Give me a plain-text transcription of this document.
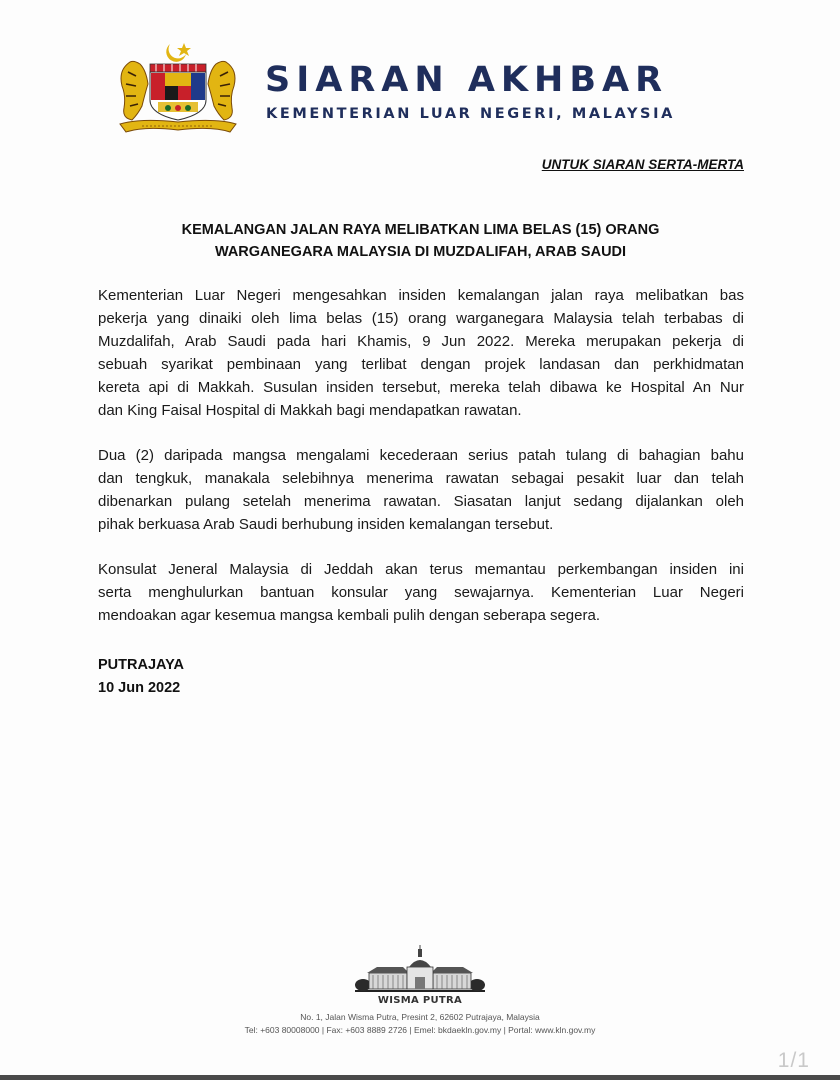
SIARAN AKHBAR
KEMENTERIAN LUAR NEGERI, MALAYSIA
UNTUK SIARAN SERTA-MERTA
KEMALANGAN JALAN RAYA MELIBATKAN LIMA BELAS (15) ORANG
WARGANEGARA MALAYSIA DI MUZDALIFAH, ARAB SAUDI
Kementerian Luar Negeri mengesahkan insiden kemalangan jalan raya melibatkan bas
pekerja yang dinaiki oleh lima belas (15) orang warganegara Malaysia telah terbabas di
Muzdalifah, Arab Saudi pada hari Khamis, 9 Jun 2022. Mereka merupakan pekerja di
sebuah syarikat pembinaan yang terlibat dengan projek landasan dan perkhidmatan
kereta api di Makkah. Susulan insiden tersebut, mereka telah dibawa ke Hospital An Nur
dan King Faisal Hospital di Makkah bagi mendapatkan rawatan.
Dua (2) daripada mangsa mengalami kecederaan serius patah tulang di bahagian bahu
dan tengkuk, manakala selebihnya menerima rawatan sebagai pesakit luar dan telah
dibenarkan pulang setelah menerima rawatan. Siasatan lanjut sedang dijalankan oleh
pihak berkuasa Arab Saudi berhubung insiden kemalangan tersebut.
Konsulat Jeneral Malaysia di Jeddah akan terus memantau perkembangan insiden ini
serta menghulurkan bantuan konsular yang sewajarnya. Kementerian Luar Negeri
mendoakan agar kesemua mangsa kembali pulih dengan seberapa segera.
PUTRAJAYA
10 Jun 2022
WISMA PUTRA
No. 1, Jalan Wisma Putra, Presint 2, 62602 Putrajaya, Malaysia
Tel: +603 80008000 | Fax: +603 8889 2726 | Emel: bkdaekln.gov.my | Portal: www.kln.gov.my
1/1
